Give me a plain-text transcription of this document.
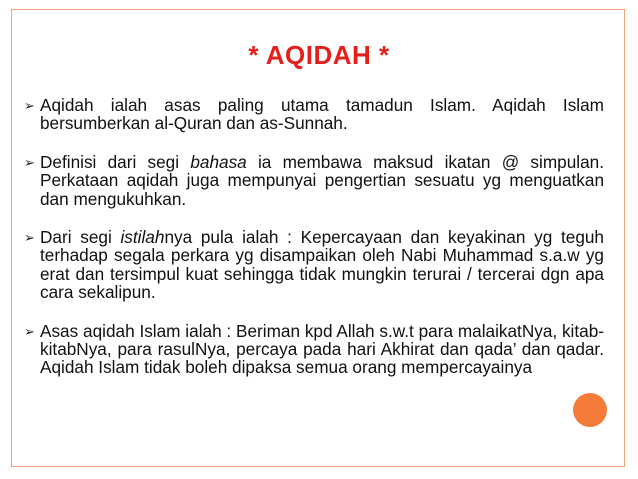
* AQIDAH *
➢ Aqidah ialah asas paling utama tamadun Islam. Aqidah Islam bersumberkan al-Quran dan as-Sunnah.
➢ Definisi dari segi bahasa ia membawa maksud ikatan @ simpulan. Perkataan aqidah juga mempunyai pengertian sesuatu yg menguatkan dan mengukuhkan.
➢ Dari segi istilahnya pula ialah : Kepercayaan dan keyakinan yg teguh terhadap segala perkara yg disampaikan oleh Nabi Muhammad s.a.w yg erat dan tersimpul kuat sehingga tidak mungkin terurai / tercerai dgn apa cara sekalipun.
➢ Asas aqidah Islam ialah : Beriman kpd Allah s.w.t para malaikatNya, kitab-kitabNya, para rasulNya, percaya pada hari Akhirat dan qada’ dan qadar. Aqidah Islam tidak boleh dipaksa semua orang mempercayainya
